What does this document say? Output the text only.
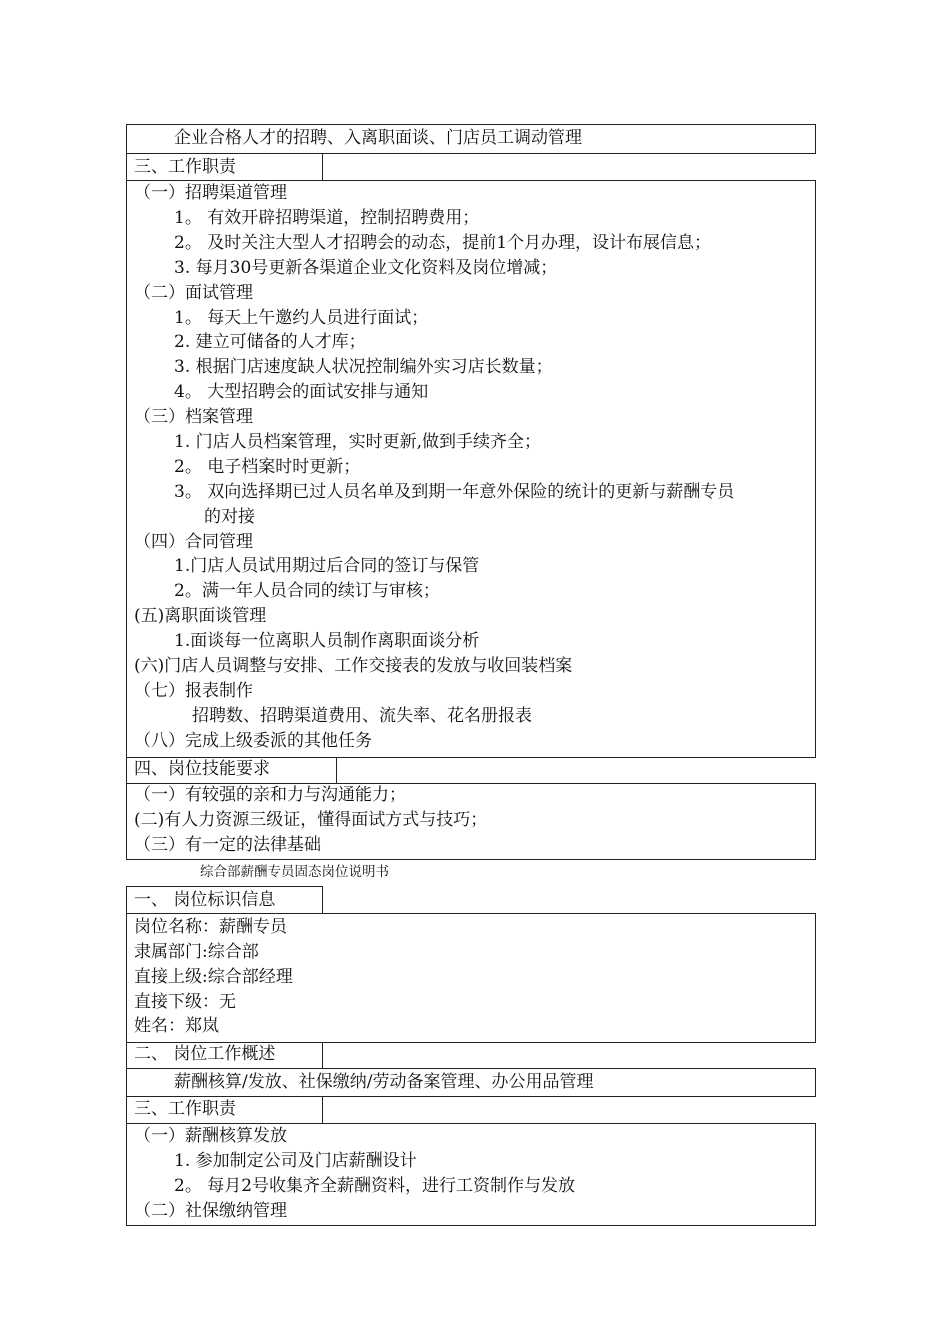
企业合格人才的招聘、入离职面谈、门店员工调动管理
三、工作职责
（一）招聘渠道管理
1。 有效开辟招聘渠道，控制招聘费用；
2。 及时关注大型人才招聘会的动态，提前1个月办理，设计布展信息；
3. 每月30号更新各渠道企业文化资料及岗位增减；
（二）面试管理
1。 每天上午邀约人员进行面试；
2. 建立可储备的人才库；
3. 根据门店速度缺人状况控制编外实习店长数量；
4。 大型招聘会的面试安排与通知
（三）档案管理
1. 门店人员档案管理，实时更新,做到手续齐全；
2。 电子档案时时更新；
3。 双向选择期已过人员名单及到期一年意外保险的统计的更新与薪酬专员
的对接
（四）合同管理
1.门店人员试用期过后合同的签订与保管
2。满一年人员合同的续订与审核；
(五)离职面谈管理
1.面谈每一位离职人员制作离职面谈分析
(六)门店人员调整与安排、工作交接表的发放与收回装档案
（七）报表制作
招聘数、招聘渠道费用、流失率、花名册报表
（八）完成上级委派的其他任务
四、岗位技能要求
（一）有较强的亲和力与沟通能力；
(二)有人力资源三级证，懂得面试方式与技巧；
（三）有一定的法律基础
综合部薪酬专员固态岗位说明书
一、 岗位标识信息
岗位名称：薪酬专员
隶属部门:综合部
直接上级:综合部经理
直接下级：无
姓名：郑岚
二、 岗位工作概述
薪酬核算/发放、社保缴纳/劳动备案管理、办公用品管理
三、工作职责
（一）薪酬核算发放
1. 参加制定公司及门店薪酬设计
2。 每月2号收集齐全薪酬资料，进行工资制作与发放
（二）社保缴纳管理
